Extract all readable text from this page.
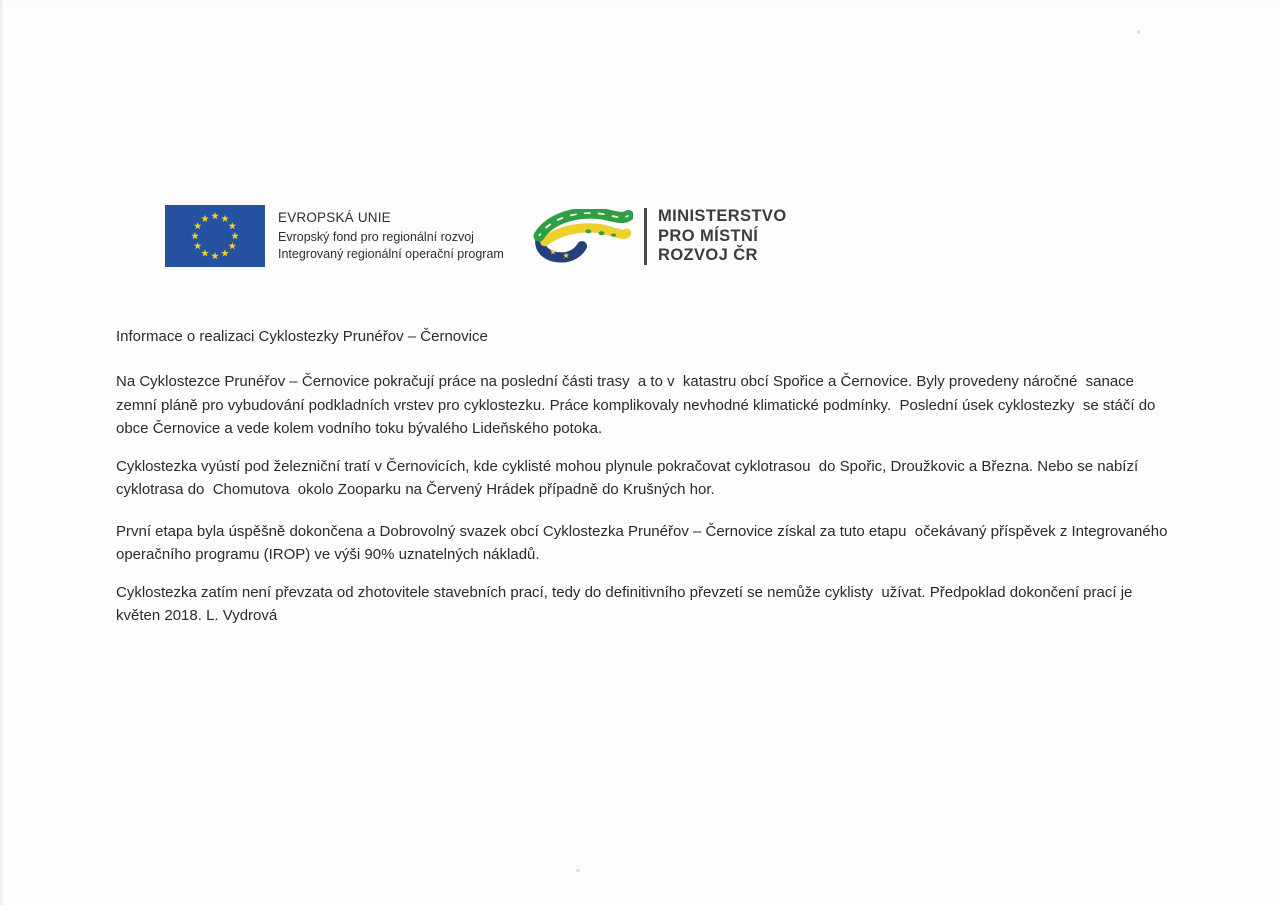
EVROPSKÁ UNIE
Evropský fond pro regionální rozvoj
Integrovaný regionální operační program
MINISTERSTVO
PRO MÍSTNÍ
ROZVOJ ČR

Informace o realizaci Cyklostezky Prunéřov – Černovice

Na Cyklostezce Prunéřov – Černovice pokračují práce na poslední části trasy  a to v  katastru obcí Spořice a Černovice. Byly provedeny náročné  sanace zemní pláně pro vybudování podkladních vrstev pro cyklostezku. Práce komplikovaly nevhodné klimatické podmínky.  Poslední úsek cyklostezky  se stáčí do obce Černovice a vede kolem vodního toku bývalého Lideňského potoka.

Cyklostezka vyústí pod železniční tratí v Černovicích, kde cyklisté mohou plynule pokračovat cyklotrasou  do Spořic, Droužkovic a Března. Nebo se nabízí cyklotrasa do  Chomutova  okolo Zooparku na Červený Hrádek případně do Krušných hor.

První etapa byla úspěšně dokončena a Dobrovolný svazek obcí Cyklostezka Prunéřov – Černovice získal za tuto etapu  očekávaný příspěvek z Integrovaného operačního programu (IROP) ve výši 90% uznatelných nákladů.

Cyklostezka zatím není převzata od zhotovitele stavebních prací, tedy do definitivního převzetí se nemůže cyklisty  užívat. Předpoklad dokončení prací je květen 2018. L. Vydrová
